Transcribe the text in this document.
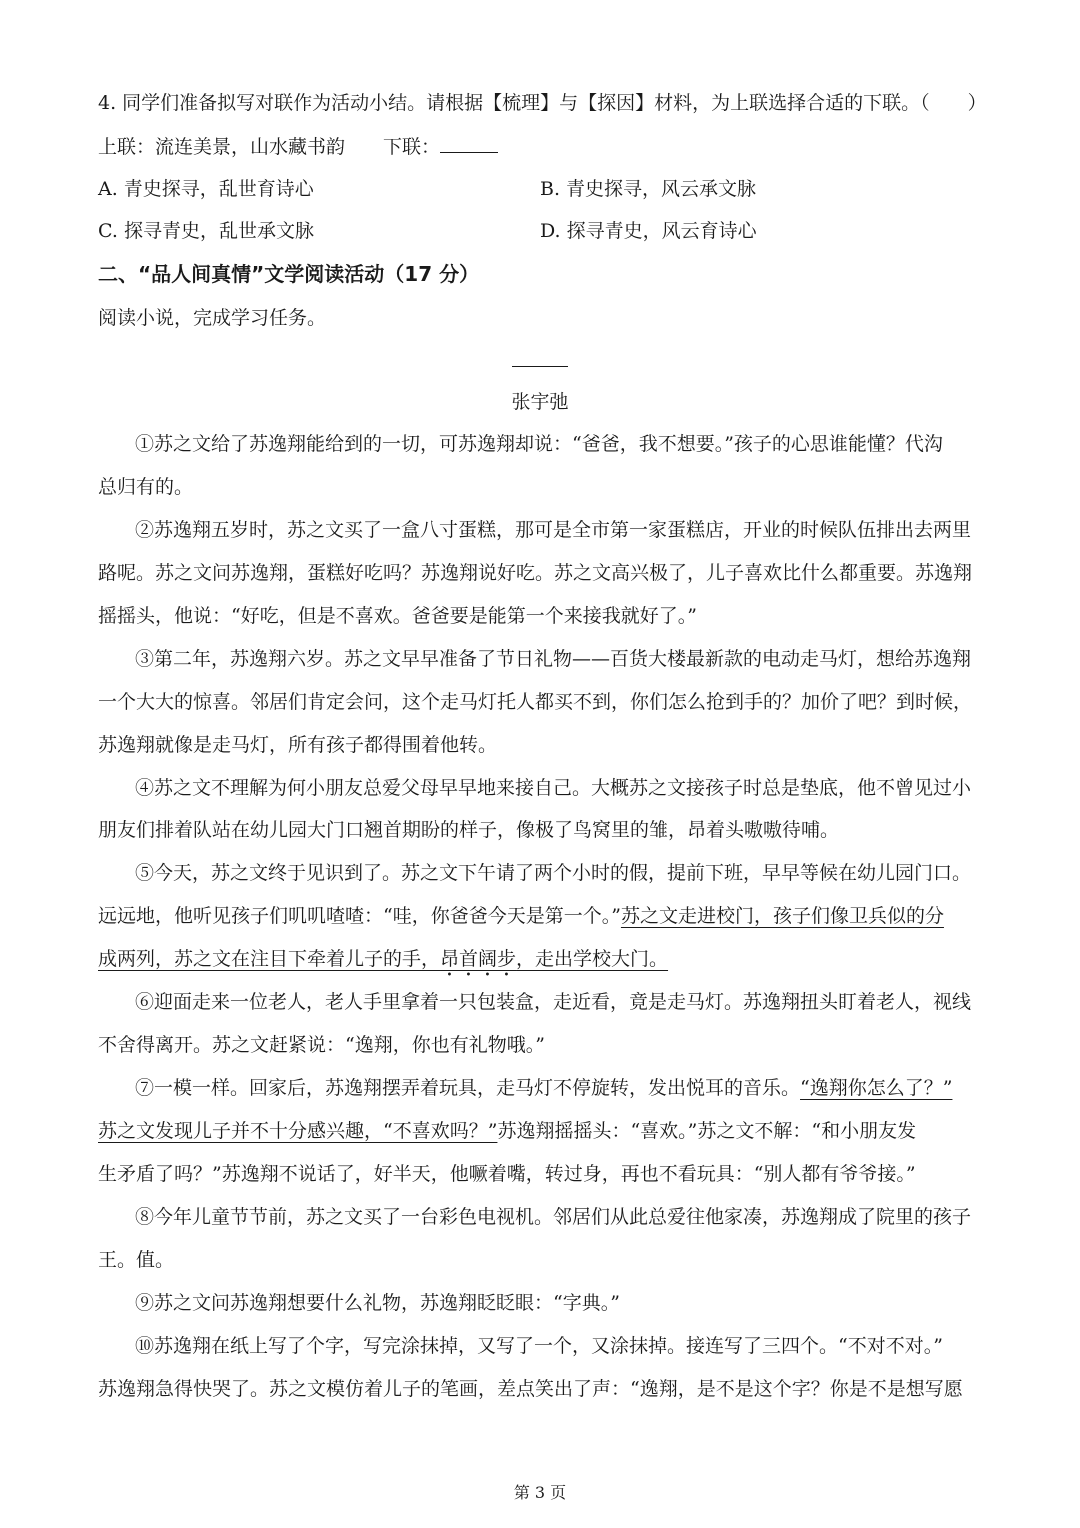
4. 同学们准备拟写对联作为活动小结。请根据【梳理】与【探因】材料，为上联选择合适的下联。（　　）
上联：流连美景，山水藏书韵 下联：
A. 青史探寻，乱世育诗心	B. 青史探寻，风云承文脉
C. 探寻青史，乱世承文脉	D. 探寻青史，风云育诗心
二、“品人间真情”文学阅读活动（17 分）
阅读小说，完成学习任务。
张宇弛
①苏之文给了苏逸翔能给到的一切，可苏逸翔却说：“爸爸，我不想要。”孩子的心思谁能懂？代沟
总归有的。
②苏逸翔五岁时，苏之文买了一盒八寸蛋糕，那可是全市第一家蛋糕店，开业的时候队伍排出去两里
路呢。苏之文问苏逸翔，蛋糕好吃吗？苏逸翔说好吃。苏之文高兴极了，儿子喜欢比什么都重要。苏逸翔
摇摇头，他说：“好吃，但是不喜欢。爸爸要是能第一个来接我就好了。”
③第二年，苏逸翔六岁。苏之文早早准备了节日礼物——百货大楼最新款的电动走马灯，想给苏逸翔
一个大大的惊喜。邻居们肯定会问，这个走马灯托人都买不到，你们怎么抢到手的？加价了吧？到时候，
苏逸翔就像是走马灯，所有孩子都得围着他转。
④苏之文不理解为何小朋友总爱父母早早地来接自己。大概苏之文接孩子时总是垫底，他不曾见过小
朋友们排着队站在幼儿园大门口翘首期盼的样子，像极了鸟窝里的雏，昂着头嗷嗷待哺。
⑤今天，苏之文终于见识到了。苏之文下午请了两个小时的假，提前下班，早早等候在幼儿园门口。
远远地，他听见孩子们叽叽喳喳：“哇，你爸爸今天是第一个。”苏之文走进校门，孩子们像卫兵似的分
成两列，苏之文在注目下牵着儿子的手，昂首阔步，走出学校大门。
⑥迎面走来一位老人，老人手里拿着一只包装盒，走近看，竟是走马灯。苏逸翔扭头盯着老人，视线
不舍得离开。苏之文赶紧说：“逸翔，你也有礼物哦。”
⑦一模一样。回家后，苏逸翔摆弄着玩具，走马灯不停旋转，发出悦耳的音乐。“逸翔你怎么了？”
苏之文发现儿子并不十分感兴趣，“不喜欢吗？”苏逸翔摇摇头：“喜欢。”苏之文不解：“和小朋友发
生矛盾了吗？”苏逸翔不说话了，好半天，他噘着嘴，转过身，再也不看玩具：“别人都有爷爷接。”
⑧今年儿童节节前，苏之文买了一台彩色电视机。邻居们从此总爱往他家凑，苏逸翔成了院里的孩子
王。值。
⑨苏之文问苏逸翔想要什么礼物，苏逸翔眨眨眼：“字典。”
⑩苏逸翔在纸上写了个字，写完涂抹掉，又写了一个，又涂抹掉。接连写了三四个。“不对不对。”
苏逸翔急得快哭了。苏之文模仿着儿子的笔画，差点笑出了声：“逸翔，是不是这个字？你是不是想写愿
第 3 页
